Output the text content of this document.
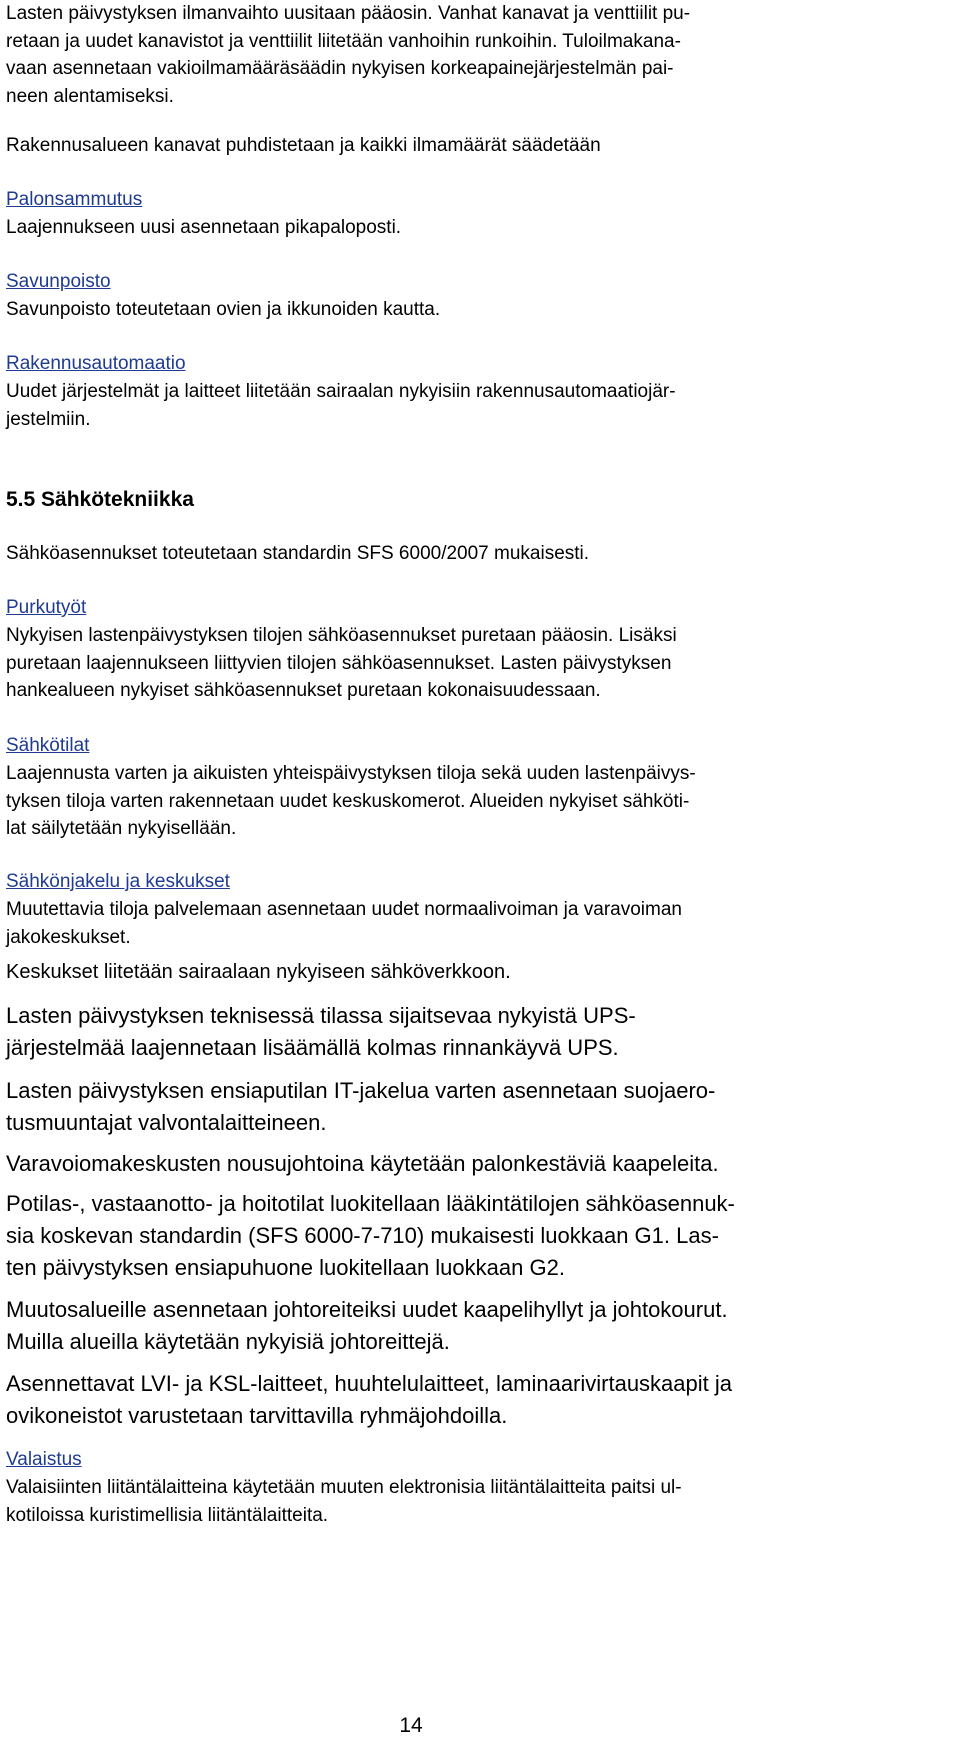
Lasten päivystyksen ilmanvaihto uusitaan pääosin. Vanhat kanavat ja venttiilit pu-
retaan ja uudet kanavistot ja venttiilit liitetään vanhoihin runkoihin. Tuloilmakana-
vaan asennetaan vakioilmamääräsäädin nykyisen korkeapainejärjestelmän pai-
neen alentamiseksi.

Rakennusalueen kanavat puhdistetaan ja kaikki ilmamäärät säädetään

Palonsammutus

Laajennukseen uusi asennetaan pikapaloposti.

Savunpoisto

Savunpoisto toteutetaan ovien ja ikkunoiden kautta.

Rakennusautomaatio

Uudet järjestelmät ja laitteet liitetään sairaalan nykyisiin rakennusautomaatiojär-
jestelmiin.

5.5 Sähkötekniikka

Sähköasennukset toteutetaan standardin SFS 6000/2007 mukaisesti.

Purkutyöt

Nykyisen lastenpäivystyksen tilojen sähköasennukset puretaan pääosin. Lisäksi
puretaan laajennukseen liittyvien tilojen sähköasennukset. Lasten päivystyksen
hankealueen nykyiset sähköasennukset puretaan kokonaisuudessaan.

Sähkötilat

Laajennusta varten ja aikuisten yhteispäivystyksen tiloja sekä uuden lastenpäivys-
tyksen tiloja varten rakennetaan uudet keskuskomerot. Alueiden nykyiset sähköti-
lat säilytetään nykyisellään.

Sähkönjakelu ja keskukset

Muutettavia tiloja palvelemaan asennetaan uudet normaalivoiman ja varavoiman
jakokeskukset.

Keskukset liitetään sairaalaan nykyiseen sähköverkkoon.

Lasten päivystyksen teknisessä tilassa sijaitsevaa nykyistä UPS-
järjestelmää laajennetaan lisäämällä kolmas rinnankäyvä UPS.

Lasten päivystyksen ensiaputilan IT-jakelua varten asennetaan suojaero-
tusmuuntajat valvontalaitteineen.

Varavoiomakeskusten nousujohtoina käytetään palonkestäviä kaapeleita.

Potilas-, vastaanotto- ja hoitotilat luokitellaan lääkintätilojen sähköasennuk-
sia koskevan standardin (SFS 6000-7-710) mukaisesti luokkaan G1. Las-
ten päivystyksen ensiapuhuone luokitellaan luokkaan G2.

Muutosalueille asennetaan johtoreiteiksi uudet kaapelihyllyt ja johtokourut.
Muilla alueilla käytetään nykyisiä johtoreittejä.

Asennettavat LVI- ja KSL-laitteet, huuhtelulaitteet, laminaarivirtauskaapit ja
ovikoneistot varustetaan tarvittavilla ryhmäjohdoilla.

Valaistus

Valaisiinten liitäntälaitteina käytetään muuten elektronisia liitäntälaitteita paitsi ul-
kotiloissa kuristimellisia liitäntälaitteita.

14
